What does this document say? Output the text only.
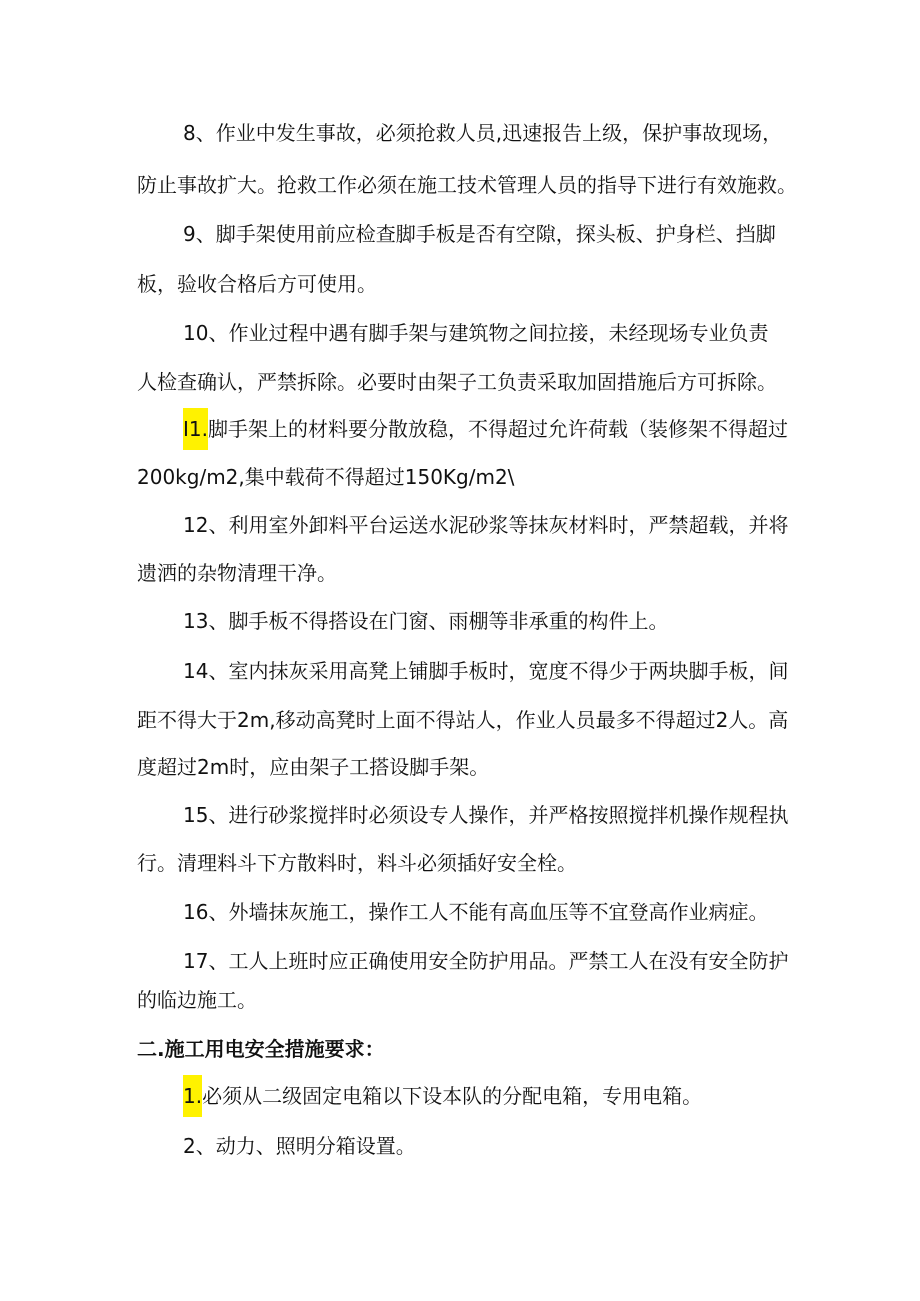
8、作业中发生事故，必须抢救人员,迅速报告上级，保护事故现场，

防止事故扩大。抢救工作必须在施工技术管理人员的指导下进行有效施救。

9、脚手架使用前应检查脚手板是否有空隙，探头板、护身栏、挡脚

板，验收合格后方可使用。

10、作业过程中遇有脚手架与建筑物之间拉接，未经现场专业负责

人检查确认，严禁拆除。必要时由架子工负责采取加固措施后方可拆除。

I1.脚手架上的材料要分散放稳，不得超过允许荷载（装修架不得超过

200kg/m2,集中载荷不得超过150Kg/m2\

12、利用室外卸料平台运送水泥砂浆等抹灰材料时，严禁超载，并将

遗洒的杂物清理干净。

13、脚手板不得搭设在门窗、雨棚等非承重的构件上。

14、室内抹灰采用高凳上铺脚手板时，宽度不得少于两块脚手板，间

距不得大于2m,移动高凳时上面不得站人，作业人员最多不得超过2人。高

度超过2m时，应由架子工搭设脚手架。

15、进行砂浆搅拌时必须设专人操作，并严格按照搅拌机操作规程执

行。清理料斗下方散料时，料斗必须插好安全栓。

16、外墙抹灰施工，操作工人不能有高血压等不宜登高作业病症。

17、工人上班时应正确使用安全防护用品。严禁工人在没有安全防护

的临边施工。

二.施工用电安全措施要求：

1.必须从二级固定电箱以下设本队的分配电箱，专用电箱。

2、动力、照明分箱设置。
